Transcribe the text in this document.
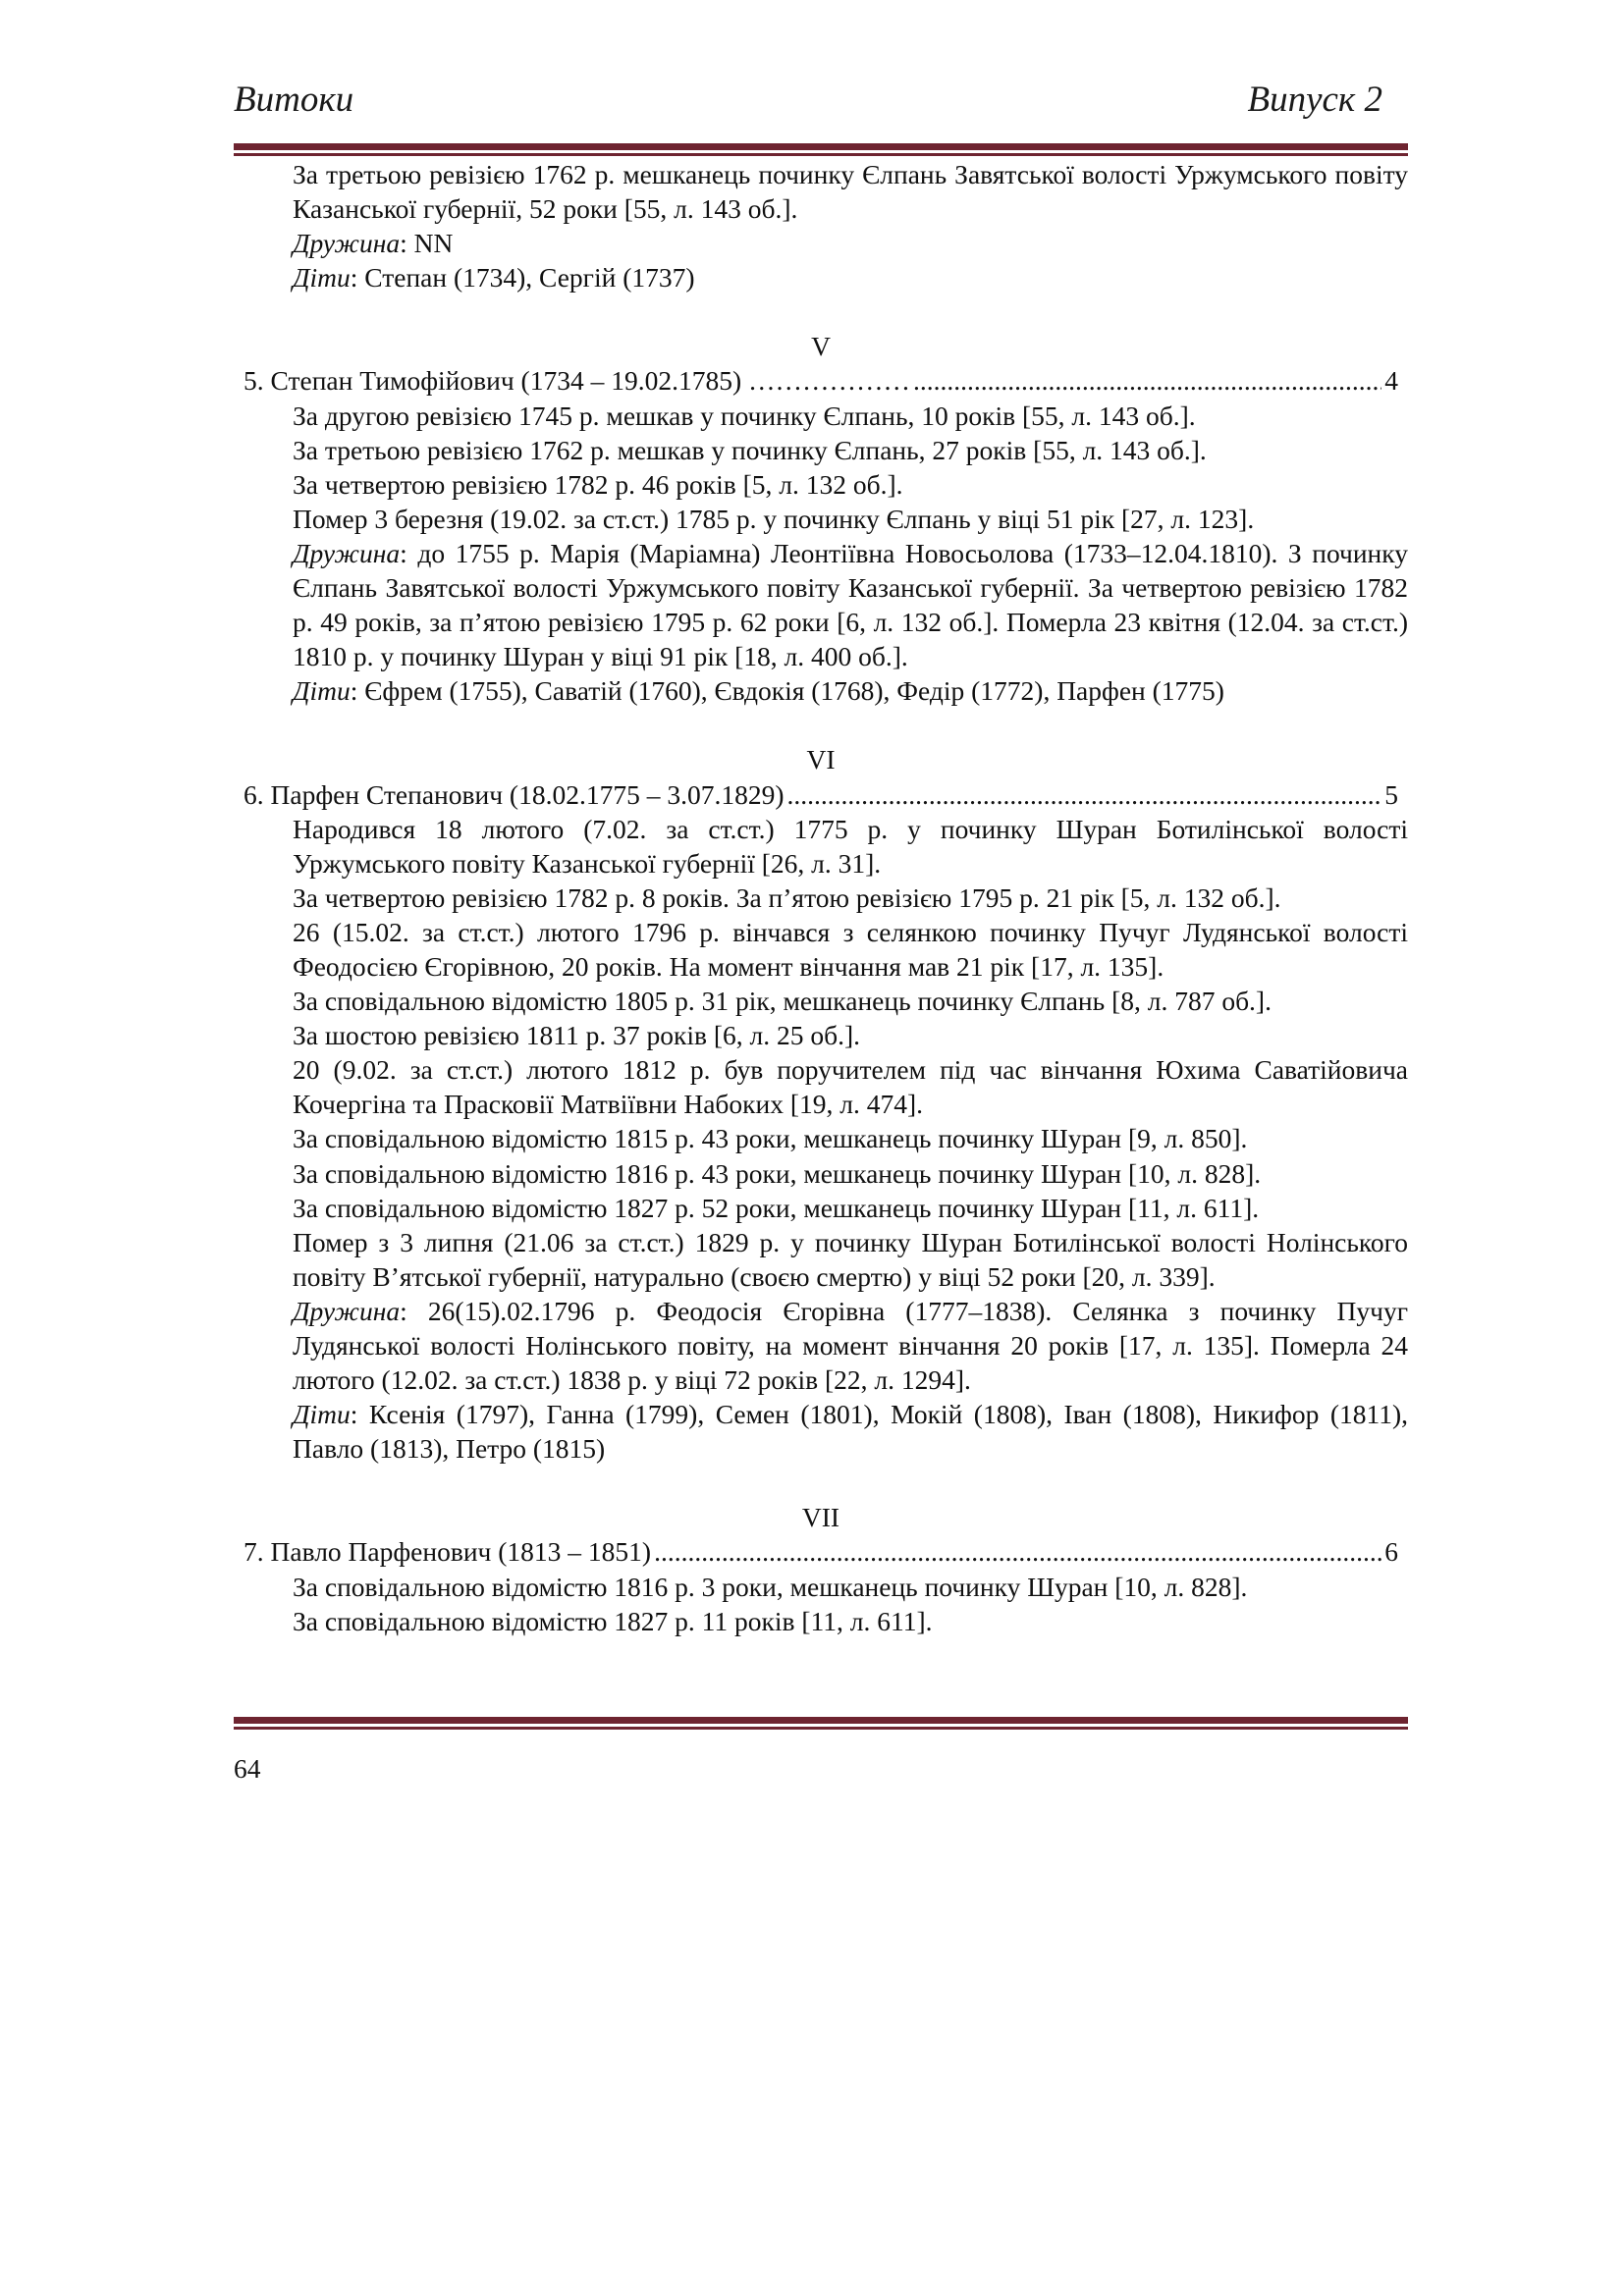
Витоки	Випуск 2
За третьою ревізією 1762 р. мешканець починку Єлпань Завятської волості Уржумського повіту Казанської губернії, 52 роки [55, л. 143 об.].
Дружина: NN
Діти: Степан (1734), Сергій (1737)
V
5. Степан Тимофійович (1734 – 19.02.1785) ……………… .....	4
За другою ревізією 1745 р. мешкав у починку Єлпань, 10 років [55, л. 143 об.].
За третьою ревізією 1762 р. мешкав у починку Єлпань, 27 років [55, л. 143 об.].
За четвертою ревізією 1782 р. 46 років [5, л. 132 об.].
Помер 3 березня (19.02. за ст.ст.) 1785 р. у починку Єлпань у віці 51 рік [27, л. 123].
Дружина: до 1755 р. Марія (Маріамна) Леонтіївна Новосьолова (1733–12.04.1810). З починку Єлпань Завятської волості Уржумського повіту Казанської губернії. За четвертою ревізією 1782 р. 49 років, за п’ятою ревізією 1795 р. 62 роки [6, л. 132 об.]. Померла 23 квітня (12.04. за ст.ст.) 1810 р. у починку Шуран у віці 91 рік [18, л. 400 об.].
Діти: Єфрем (1755), Саватій (1760), Євдокія (1768), Федір (1772), Парфен (1775)
VI
6. Парфен Степанович (18.02.1775 – 3.07.1829) .....	5
Народився 18 лютого (7.02. за ст.ст.) 1775 р. у починку Шуран Ботилінської волості Уржумського повіту Казанської губернії [26, л. 31].
За четвертою ревізією 1782 р. 8 років. За п’ятою ревізією 1795 р. 21 рік [5, л. 132 об.].
26 (15.02. за ст.ст.) лютого 1796 р. вінчався з селянкою починку Пучуг Лудянської волості Феодосією Єгорівною, 20 років. На момент вінчання мав 21 рік [17, л. 135].
За сповідальною відомістю 1805 р. 31 рік, мешканець починку Єлпань [8, л. 787 об.].
За шостою ревізією 1811 р. 37 років [6, л. 25 об.].
20 (9.02. за ст.ст.) лютого 1812 р. був поручителем під час вінчання Юхима Саватійовича Кочергіна та Прасковії Матвіївни Набоких [19, л. 474].
За сповідальною відомістю 1815 р. 43 роки, мешканець починку Шуран [9, л. 850].
За сповідальною відомістю 1816 р. 43 роки, мешканець починку Шуран [10, л. 828].
За сповідальною відомістю 1827 р. 52 роки, мешканець починку Шуран [11, л. 611].
Помер з 3 липня (21.06 за ст.ст.) 1829 р. у починку Шуран Ботилінської волості Нолінського повіту В’ятської губернії, натурально (своєю смертю) у віці 52 роки [20, л. 339].
Дружина: 26(15).02.1796 р. Феодосія Єгорівна (1777–1838). Селянка з починку Пучуг Лудянської волості Нолінського повіту, на момент вінчання 20 років [17, л. 135]. Померла 24 лютого (12.02. за ст.ст.) 1838 р. у віці 72 років [22, л. 1294].
Діти: Ксенія (1797), Ганна (1799), Семен (1801), Мокій (1808), Іван (1808), Никифор (1811), Павло (1813), Петро (1815)
VII
7. Павло Парфенович (1813 – 1851) .....	6
За сповідальною відомістю 1816 р. 3 роки, мешканець починку Шуран [10, л. 828].
За сповідальною відомістю 1827 р. 11 років [11, л. 611].
64
